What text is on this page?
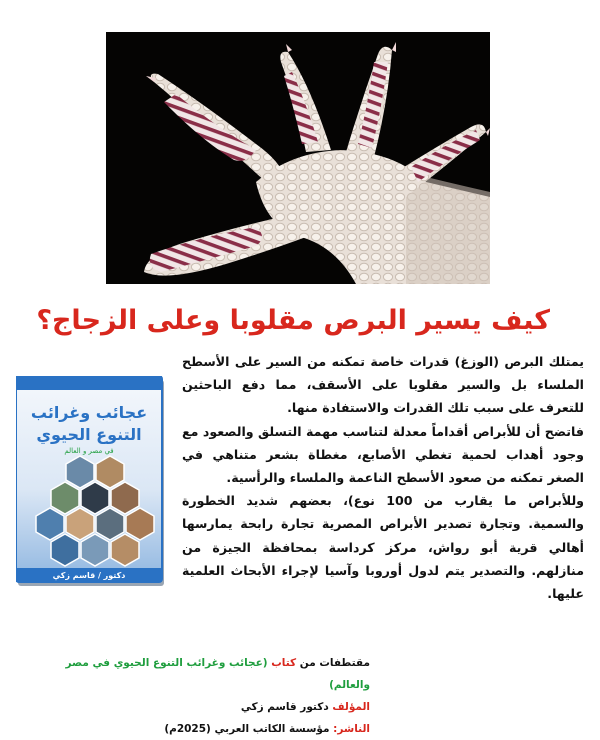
كيف يسير البرص مقلوبا وعلى الزجاج؟
عجائب وغرائب
التنوع الحيوي
في مصر و العالم
دكتور / قاسم زكي

يمتلك البرص (الوزغ) قدرات خاصة تمكنه من السير على الأسطح الملساء بل والسير مقلوبا على الأسقف، مما دفع الباحثين للتعرف على سبب تلك القدرات والاستفادة منها.

فاتضح أن للأبراص أقداماً معدلة لتناسب مهمة التسلق والصعود مع وجود أهداب لحمية تغطي الأصابع، مغطاة بشعر متناهي في الصغر تمكنه من صعود الأسطح الناعمة والملساء والرأسية.

وللأبراص ما يقارب من 100 نوع)، بعضهم شديد الخطورة والسمية. وتجارة تصدير الأبراص المصرية تجارة رابحة يمارسها أهالي قرية أبو رواش، مركز كرداسة بمحافظة الجيزة من منازلهم. والتصدير يتم لدول أوروبا وآسيا لإجراء الأبحاث العلمية عليها.

مقتطفات من كتاب (عجائب وغرائب التنوع الحيوي في مصر والعالم)
المؤلف دكتور قاسم زكي
الناشر: مؤسسة الكاتب العربي (2025م)
